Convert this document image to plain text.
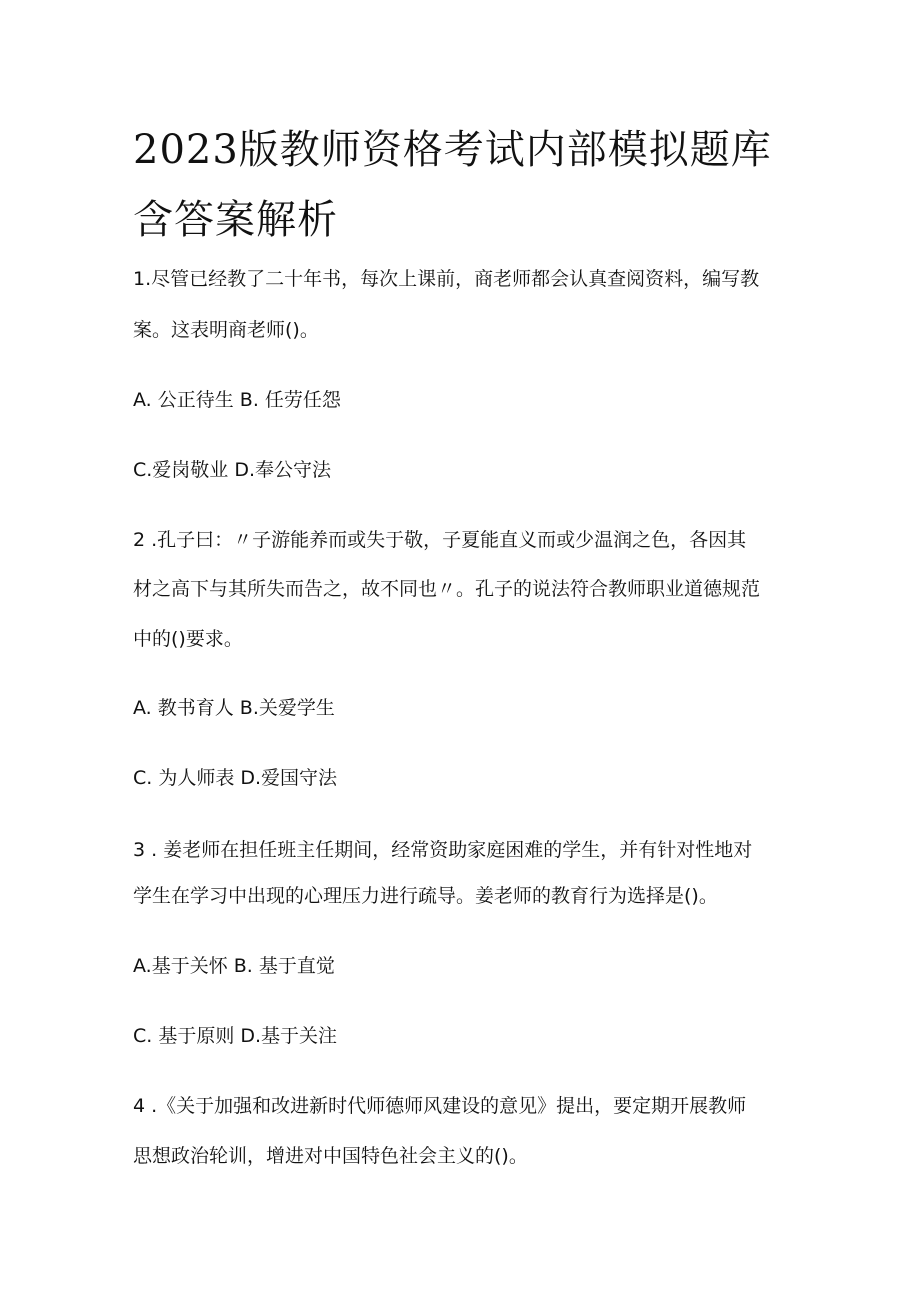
2023版教师资格考试内部模拟题库
含答案解析
1.尽管已经教了二十年书，每次上课前，商老师都会认真查阅资料，编写教
案。这表明商老师()。
A. 公正待生 B. 任劳任怨
C.爱岗敬业 D.奉公守法
2 .孔子曰：〃子游能养而或失于敬，子夏能直义而或少温润之色，各因其
材之高下与其所失而告之，故不同也〃。孔子的说法符合教师职业道德规范
中的()要求。
A. 教书育人 B.关爱学生
C. 为人师表 D.爱国守法
3 . 姜老师在担任班主任期间，经常资助家庭困难的学生，并有针对性地对
学生在学习中出现的心理压力进行疏导。姜老师的教育行为选择是()。
A.基于关怀 B. 基于直觉
C. 基于原则 D.基于关注
4 .《关于加强和改进新时代师德师风建设的意见》提出，要定期开展教师
思想政治轮训，增进对中国特色社会主义的()。
